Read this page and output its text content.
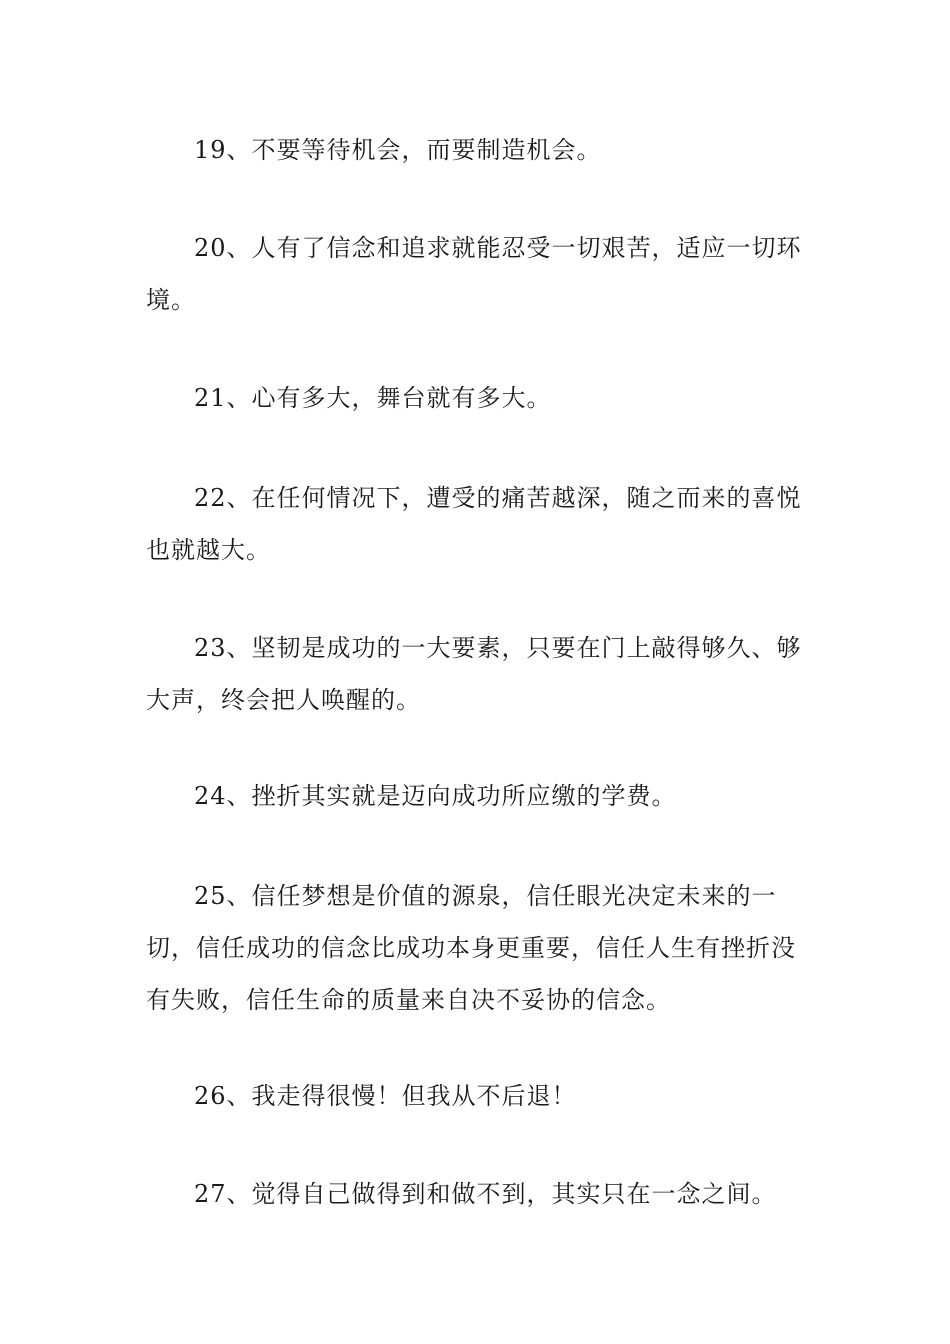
19、不要等待机会，而要制造机会。

20、人有了信念和追求就能忍受一切艰苦，适应一切环境。

21、心有多大，舞台就有多大。

22、在任何情况下，遭受的痛苦越深，随之而来的喜悦也就越大。

23、坚韧是成功的一大要素，只要在门上敲得够久、够大声，终会把人唤醒的。

24、挫折其实就是迈向成功所应缴的学费。

25、信任梦想是价值的源泉，信任眼光决定未来的一切，信任成功的信念比成功本身更重要，信任人生有挫折没有失败，信任生命的质量来自决不妥协的信念。

26、我走得很慢！但我从不后退！

27、觉得自己做得到和做不到，其实只在一念之间。
